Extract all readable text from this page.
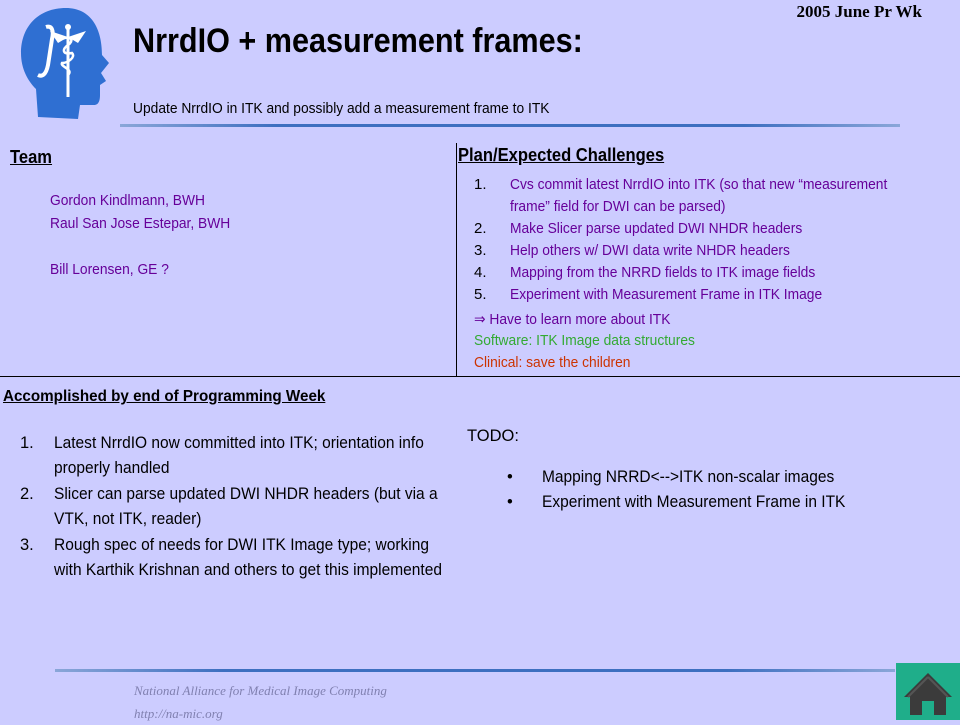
2005 June Pr Wk
NrrdIO + measurement frames:
Update NrrdIO in ITK and possibly add a measurement frame to ITK
Team
Gordon Kindlmann, BWH
Raul San Jose Estepar, BWH
Bill Lorensen, GE ?
Plan/Expected Challenges
1.	Cvs commit latest NrrdIO into ITK (so that new “measurement frame” field for DWI can be parsed)
2.	Make Slicer parse updated DWI NHDR headers
3.	Help others w/ DWI data write NHDR headers
4.	Mapping from the NRRD fields to ITK image fields
5.	Experiment with Measurement Frame in ITK Image
⇒ Have to learn more about ITK
Software: ITK Image data structures
Clinical: save the children
Accomplished by end of Programming Week
1.	Latest NrrdIO now committed into ITK; orientation info properly handled
2.	Slicer can parse updated DWI NHDR headers (but via a VTK, not ITK, reader)
3.	Rough spec of needs for DWI ITK Image type; working with Karthik Krishnan and others to get this implemented
TODO:
•	Mapping NRRD<-->ITK non-scalar images
•	Experiment with Measurement Frame in ITK
National Alliance for Medical Image Computing
http://na-mic.org
